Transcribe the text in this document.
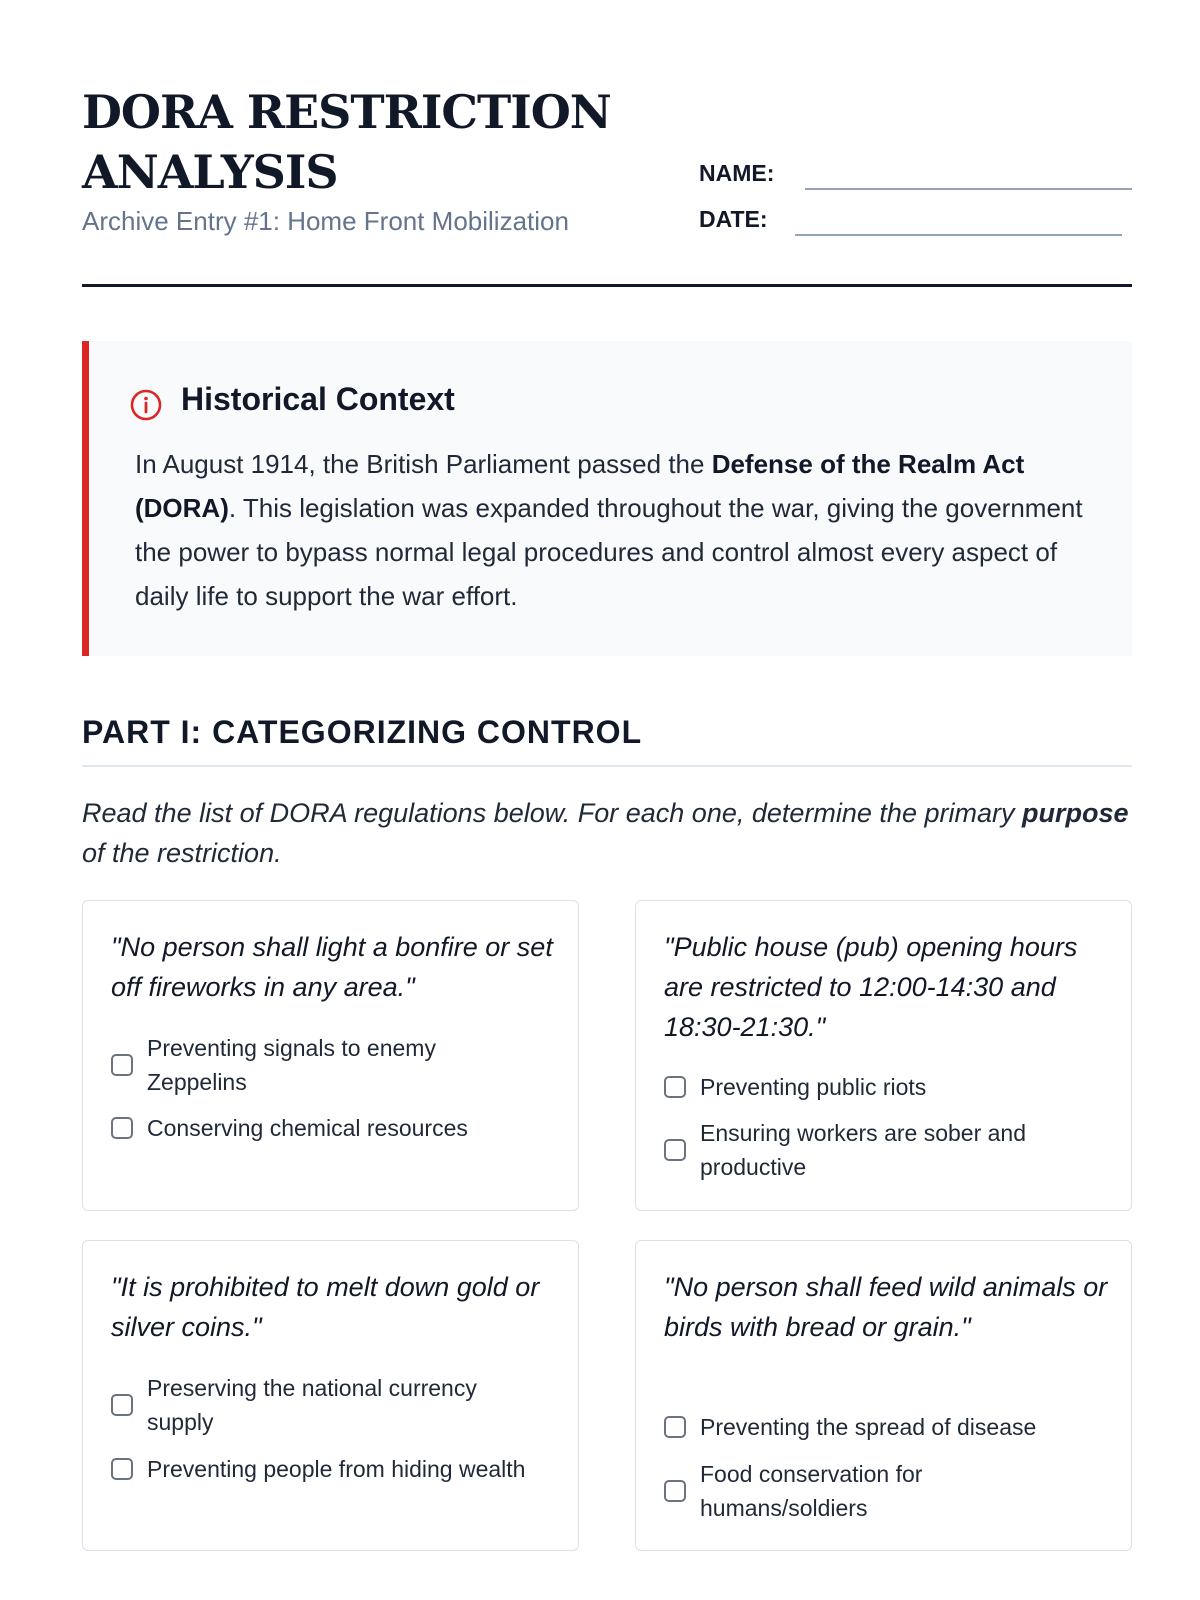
DORA RESTRICTION ANALYSIS
Archive Entry #1: Home Front Mobilization
NAME:
DATE:
Historical Context
In August 1914, the British Parliament passed the Defense of the Realm Act (DORA). This legislation was expanded throughout the war, giving the government the power to bypass normal legal procedures and control almost every aspect of daily life to support the war effort.
PART I: CATEGORIZING CONTROL
Read the list of DORA regulations below. For each one, determine the primary purpose of the restriction.
"No person shall light a bonfire or set off fireworks in any area."
Preventing signals to enemy Zeppelins
Conserving chemical resources
"Public house (pub) opening hours are restricted to 12:00-14:30 and 18:30-21:30."
Preventing public riots
Ensuring workers are sober and productive
"It is prohibited to melt down gold or silver coins."
Preserving the national currency supply
Preventing people from hiding wealth
"No person shall feed wild animals or birds with bread or grain."
Preventing the spread of disease
Food conservation for humans/soldiers
